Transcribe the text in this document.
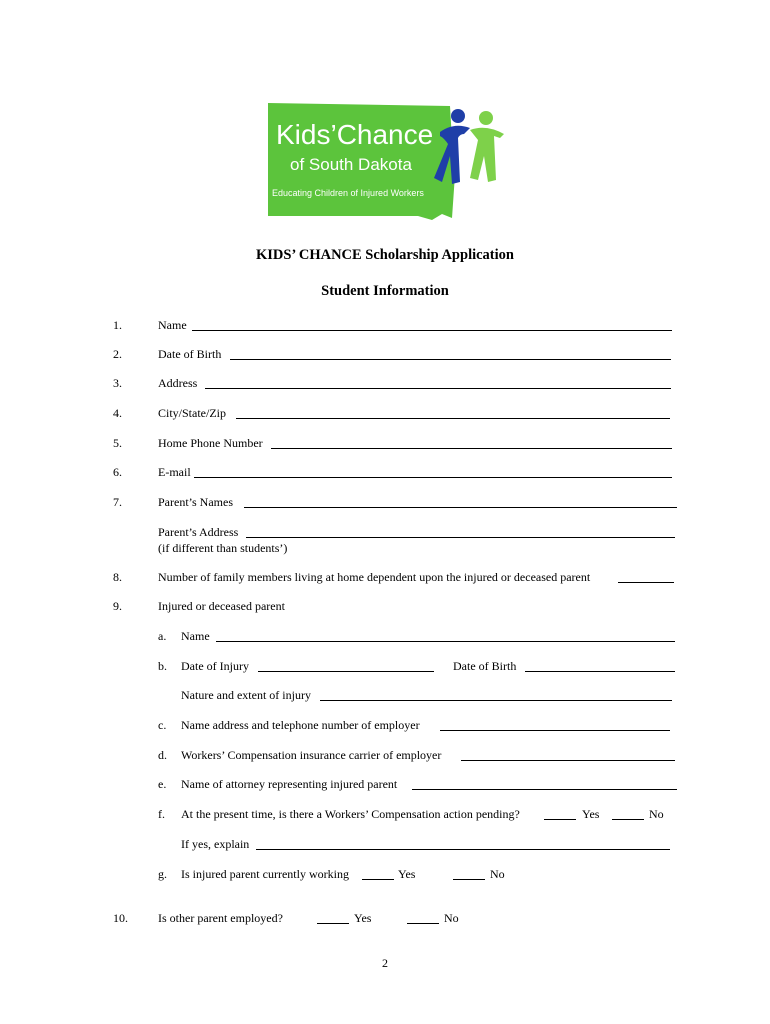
Kids’Chance
of South Dakota
Educating Children of Injured Workers
KIDS’ CHANCE Scholarship Application
Student Information
1.	Name
2.	Date of Birth
3.	Address
4.	City/State/Zip
5.	Home Phone Number
6.	E-mail
7.	Parent’s Names
Parent’s Address
(if different than students’)
8.	Number of family members living at home dependent upon the injured or deceased parent
9.	Injured or deceased parent
a. Name
b. Date of Injury	Date of Birth
Nature and extent of injury
c. Name address and telephone number of employer
d. Workers’ Compensation insurance carrier of employer
e. Name of attorney representing injured parent
f. At the present time, is there a Workers’ Compensation action pending?	Yes	No
If yes, explain
g. Is injured parent currently working	Yes	No
10.	Is other parent employed?	Yes	No
2
